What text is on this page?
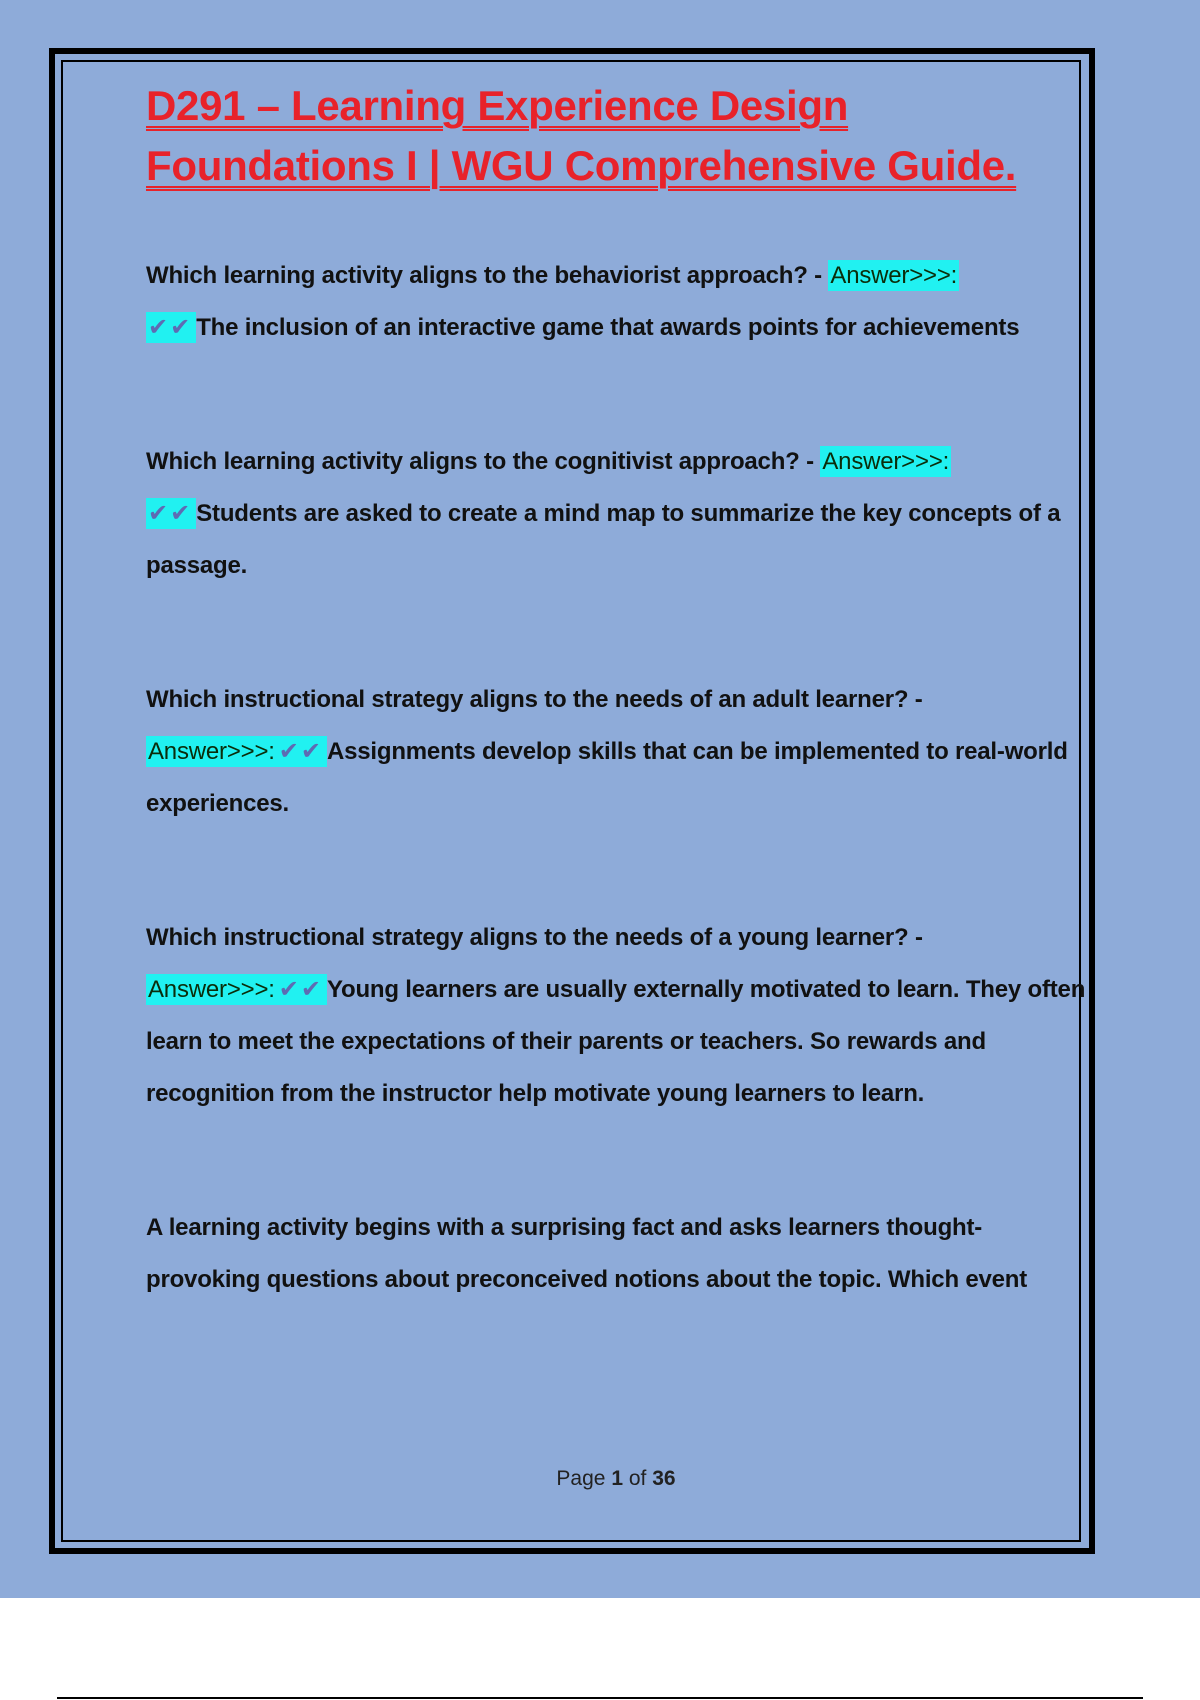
D291 – Learning Experience Design
Foundations I | WGU Comprehensive Guide.

Which learning activity aligns to the behaviorist approach? - Answer>>>:
✔✔ The inclusion of an interactive game that awards points for achievements

Which learning activity aligns to the cognitivist approach? - Answer>>>:
✔✔ Students are asked to create a mind map to summarize the key concepts of a passage.

Which instructional strategy aligns to the needs of an adult learner? -
Answer>>>: ✔✔ Assignments develop skills that can be implemented to real-world experiences.

Which instructional strategy aligns to the needs of a young learner? -
Answer>>>: ✔✔ Young learners are usually externally motivated to learn. They often learn to meet the expectations of their parents or teachers. So rewards and recognition from the instructor help motivate young learners to learn.

A learning activity begins with a surprising fact and asks learners thought-provoking questions about preconceived notions about the topic. Which event

Page 1 of 36
